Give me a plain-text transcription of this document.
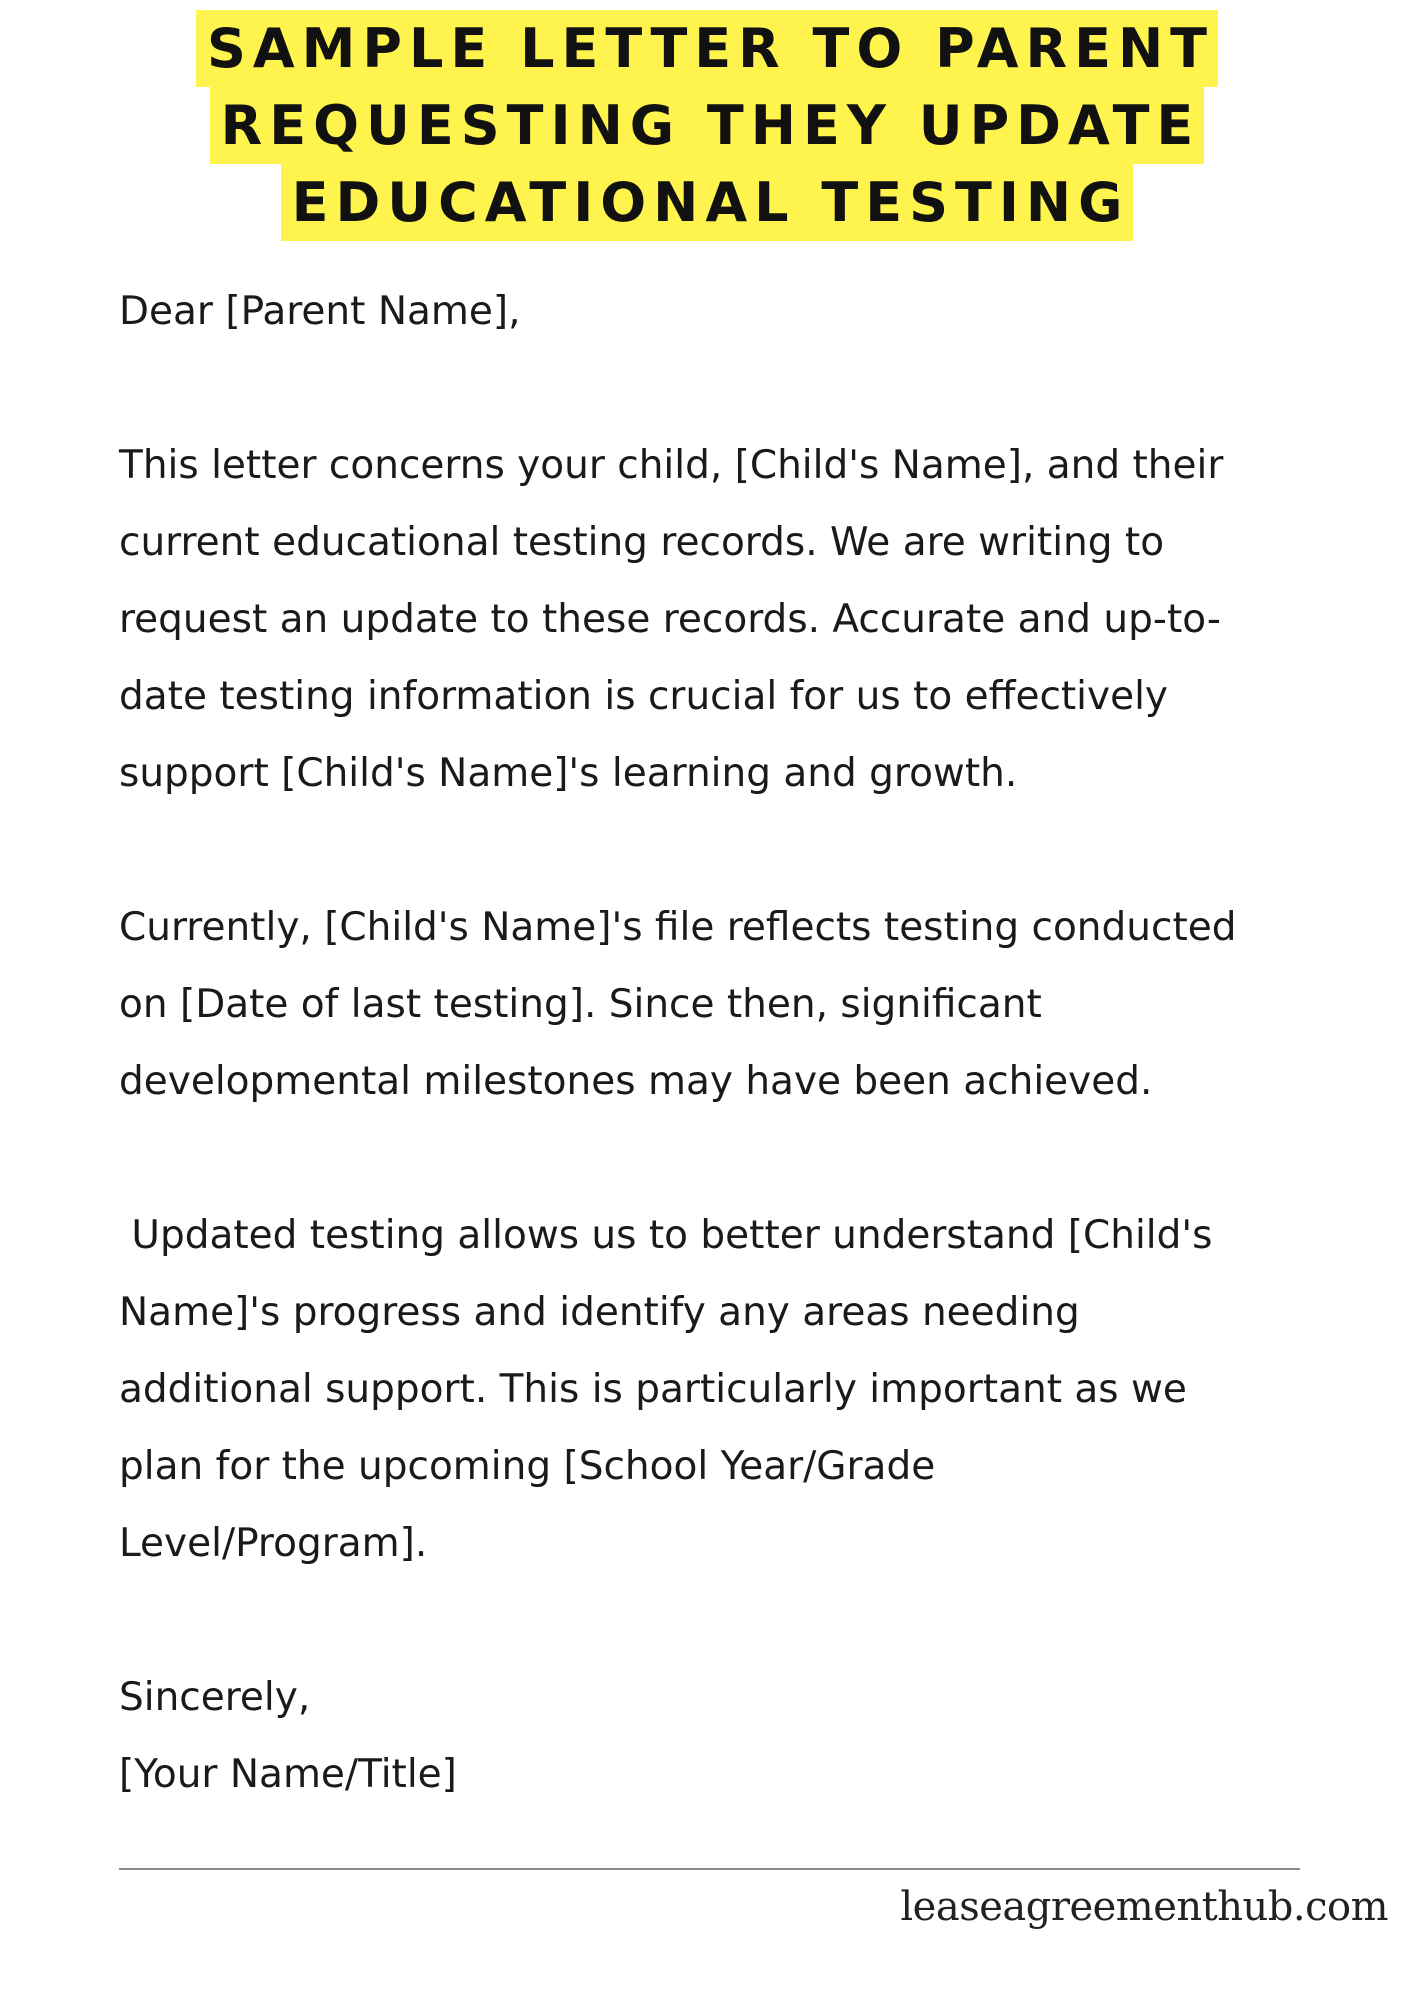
SAMPLE LETTER TO PARENT
REQUESTING THEY UPDATE
EDUCATIONAL TESTING
Dear [Parent Name],
This letter concerns your child, [Child's Name], and their
current educational testing records. We are writing to
request an update to these records. Accurate and up-to-
date testing information is crucial for us to effectively
support [Child's Name]'s learning and growth.
Currently, [Child's Name]'s file reflects testing conducted
on [Date of last testing]. Since then, significant
developmental milestones may have been achieved.
Updated testing allows us to better understand [Child's
Name]'s progress and identify any areas needing
additional support. This is particularly important as we
plan for the upcoming [School Year/Grade
Level/Program].
Sincerely,
[Your Name/Title]
leaseagreementhub.com
